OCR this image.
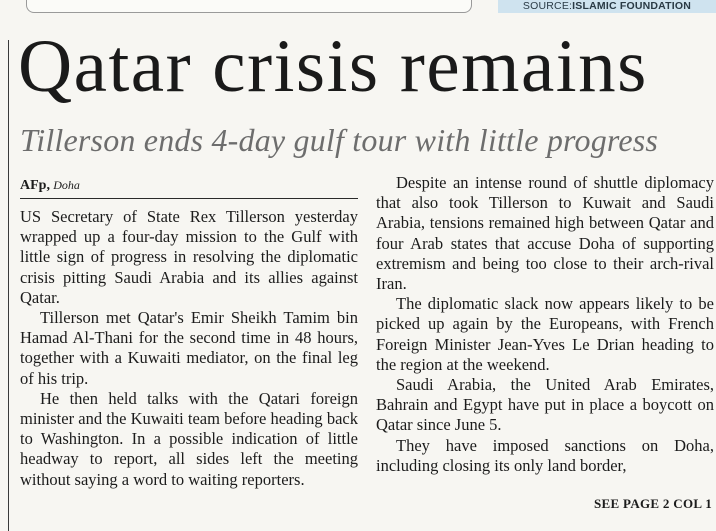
SOURCE:ISLAMIC FOUNDATION
Qatar crisis remains
Tillerson ends 4-day gulf tour with little progress
AFp, Doha

US Secretary of State Rex Tillerson yesterday wrapped up a four-day mission to the Gulf with little sign of progress in resolving the diplomatic crisis pitting Saudi Arabia and its allies against Qatar.

Tillerson met Qatar's Emir Sheikh Tamim bin Hamad Al-Thani for the second time in 48 hours, together with a Kuwaiti mediator, on the final leg of his trip.

He then held talks with the Qatari foreign minister and the Kuwaiti team before heading back to Washington. In a possible indication of little headway to report, all sides left the meeting without saying a word to waiting reporters.

Despite an intense round of shuttle diplomacy that also took Tillerson to Kuwait and Saudi Arabia, tensions remained high between Qatar and four Arab states that accuse Doha of supporting extremism and being too close to their arch-rival Iran.

The diplomatic slack now appears likely to be picked up again by the Europeans, with French Foreign Minister Jean-Yves Le Drian heading to the region at the weekend.

Saudi Arabia, the United Arab Emirates, Bahrain and Egypt have put in place a boycott on Qatar since June 5.

They have imposed sanctions on Doha, including closing its only land border,

SEE PAGE 2 COL 1
